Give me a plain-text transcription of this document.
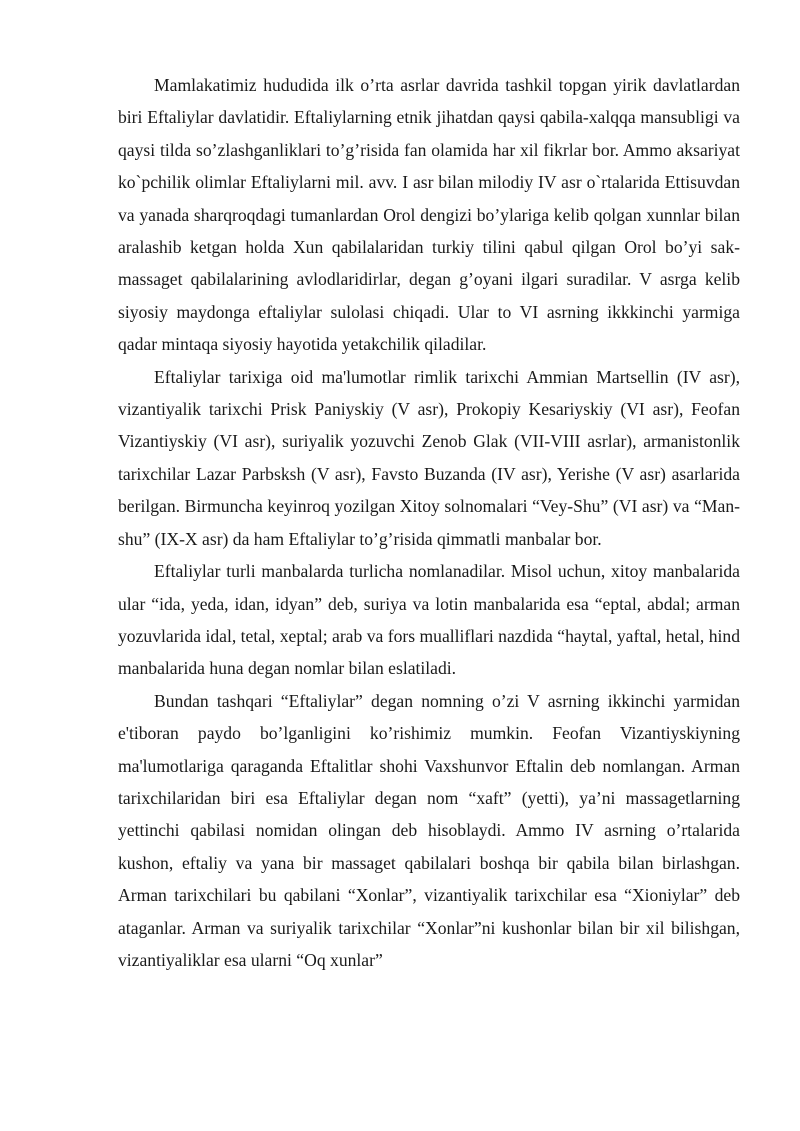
Mamlakatimiz hududida ilk o’rta asrlar davrida tashkil topgan yirik davlatlardan biri Eftaliylar davlatidir. Eftaliylarning etnik jihatdan qaysi qabila-xalqqa mansubligi va qaysi tilda so’zlashganliklari to’g’risida fan olamida har xil fikrlar bor. Ammo aksariyat ko`pchilik olimlar Eftaliylarni mil. avv. I asr bilan milodiy IV asr o`rtalarida Ettisuvdan va yanada sharqroqdagi tumanlardan Orol dengizi bo’ylariga kelib qolgan xunnlar bilan aralashib ketgan holda Xun qabilalaridan turkiy tilini qabul qilgan Orol bo’yi sak-massaget qabilalarining avlodlaridirlar, degan g’oyani ilgari suradilar. V asrga kelib siyosiy maydonga eftaliylar sulolasi chiqadi. Ular to VI asrning ikkkinchi yarmiga qadar mintaqa siyosiy hayotida yetakchilik qiladilar.

Eftaliylar tarixiga oid ma'lumotlar rimlik tarixchi Ammian Martsellin (IV asr), vizantiyalik tarixchi Prisk Paniyskiy (V asr), Prokopiy Kesariyskiy (VI asr), Feofan Vizantiyskiy (VI asr), suriyalik yozuvchi Zenob Glak (VII-VIII asrlar), armanistonlik tarixchilar Lazar Parbsksh (V asr), Favsto Buzanda (IV asr), Yerishe (V asr) asarlarida berilgan. Birmuncha keyinroq yozilgan Xitoy solnomalari “Vey-Shu” (VI asr) va “Man-shu” (IX-X asr) da ham Eftaliylar to’g’risida qimmatli manbalar bor.

Eftaliylar turli manbalarda turlicha nomlanadilar. Misol uchun, xitoy manbalarida ular “ida, yeda, idan, idyan” deb, suriya va lotin manbalarida esa “eptal, abdal; arman yozuvlarida idal, tetal, xeptal; arab va fors mualliflari nazdida “haytal, yaftal, hetal, hind manbalarida huna degan nomlar bilan eslatiladi.

Bundan tashqari “Eftaliylar” degan nomning o’zi V asrning ikkinchi yarmidan e'tiboran paydo bo’lganligini ko’rishimiz mumkin. Feofan Vizantiyskiyning ma'lumotlariga qaraganda Eftalitlar shohi Vaxshunvor Eftalin deb nomlangan. Arman tarixchilaridan biri esa Eftaliylar degan nom “xaft” (yetti), ya’ni massagetlarning yettinchi qabilasi nomidan olingan deb hisoblaydi. Ammo IV asrning o’rtalarida kushon, eftaliy va yana bir massaget qabilalari boshqa bir qabila bilan birlashgan. Arman tarixchilari bu qabilani “Xonlar”, vizantiyalik tarixchilar esa “Xioniylar” deb ataganlar. Arman va suriyalik tarixchilar “Xonlar”ni kushonlar bilan bir xil bilishgan, vizantiyaliklar esa ularni “Oq xunlar”
